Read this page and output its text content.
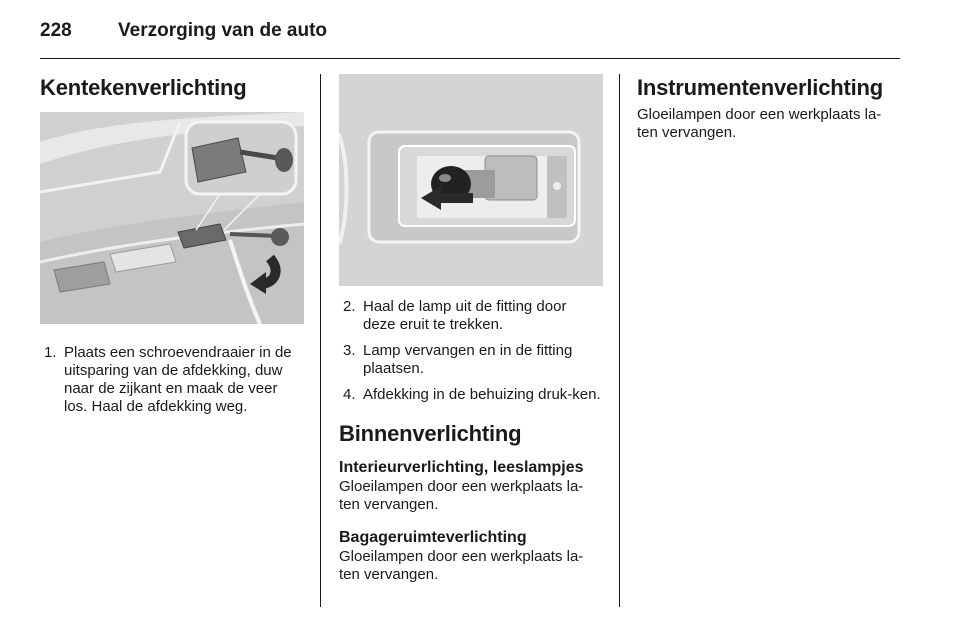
228 Verzorging van de auto
Kentekenverlichting
1. Plaats een schroevendraaier in de uitsparing van de afdekking, duw naar de zijkant en maak de veer los. Haal de afdekking weg.
2. Haal de lamp uit de fitting door deze eruit te trekken.
3. Lamp vervangen en in de fitting plaatsen.
4. Afdekking in de behuizing druk-ken.
Binnenverlichting
Interieurverlichting, leeslampjes

Gloeilampen door een werkplaats la-ten vervangen.

Bagageruimteverlichting

Gloeilampen door een werkplaats la-ten vervangen.

Instrumentenverlichting

Gloeilampen door een werkplaats la-ten vervangen.
